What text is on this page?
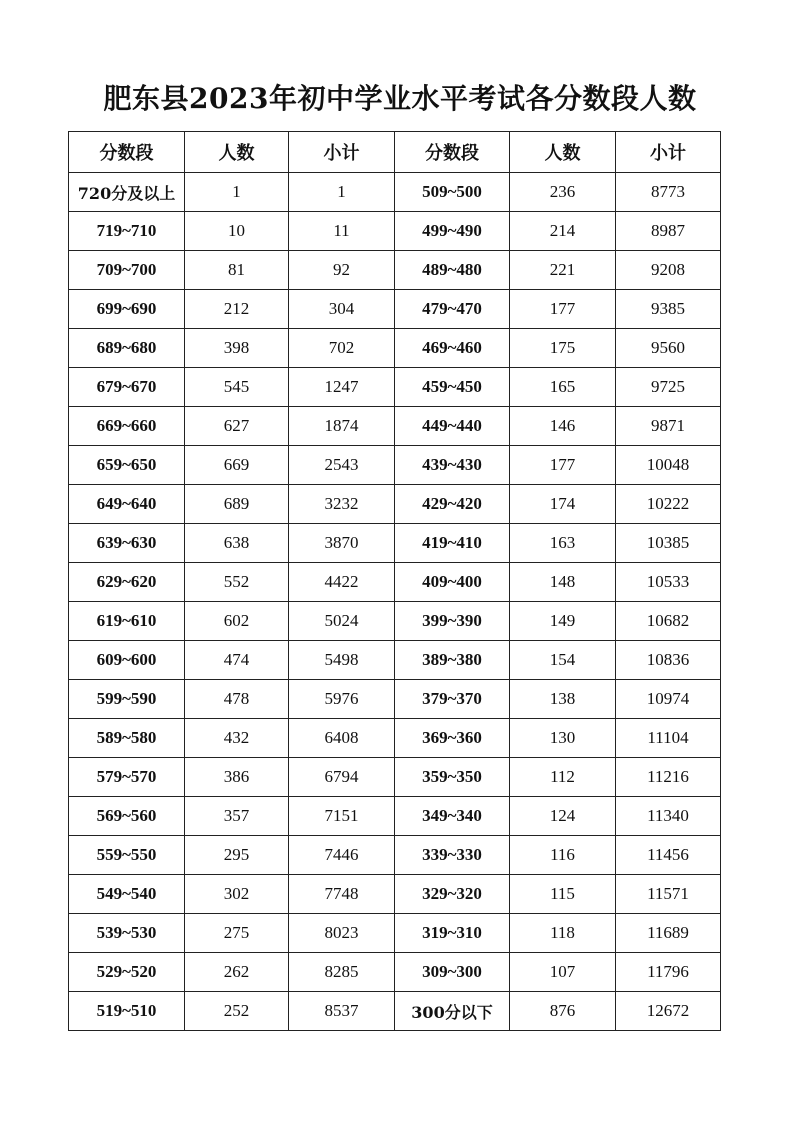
肥东县2023年初中学业水平考试各分数段人数
分数段	人数	小计	分数段	人数	小计
720分及以上	1	1	509~500	236	8773
719~710	10	11	499~490	214	8987
709~700	81	92	489~480	221	9208
699~690	212	304	479~470	177	9385
689~680	398	702	469~460	175	9560
679~670	545	1247	459~450	165	9725
669~660	627	1874	449~440	146	9871
659~650	669	2543	439~430	177	10048
649~640	689	3232	429~420	174	10222
639~630	638	3870	419~410	163	10385
629~620	552	4422	409~400	148	10533
619~610	602	5024	399~390	149	10682
609~600	474	5498	389~380	154	10836
599~590	478	5976	379~370	138	10974
589~580	432	6408	369~360	130	11104
579~570	386	6794	359~350	112	11216
569~560	357	7151	349~340	124	11340
559~550	295	7446	339~330	116	11456
549~540	302	7748	329~320	115	11571
539~530	275	8023	319~310	118	11689
529~520	262	8285	309~300	107	11796
519~510	252	8537	300分以下	876	12672
